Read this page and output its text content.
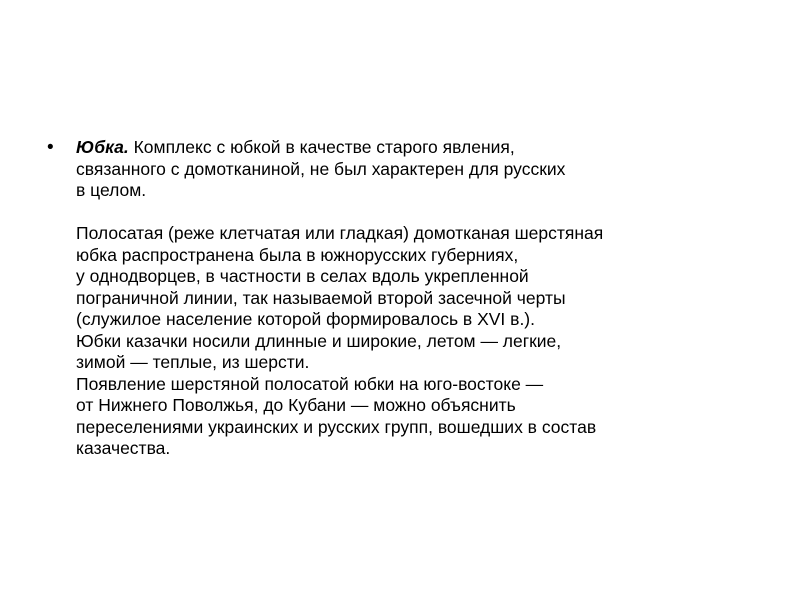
•	Юбка. Комплекс с юбкой в качестве старого явления,
связанного с домотканиной, не был характерен для русских
в целом.
Полосатая (реже клетчатая или гладкая) домотканая шерстяная
юбка распространена была в южнорусских губерниях,
у однодворцев, в частности в селах вдоль укрепленной
пограничной линии, так называемой второй засечной черты
(служилое население которой формировалось в XVI в.).
Юбки казачки носили длинные и широкие, летом — легкие,
зимой — теплые, из шерсти.
Появление шерстяной полосатой юбки на юго-востоке —
от Нижнего Поволжья, до Кубани — можно объяснить
переселениями украинских и русских групп, вошедших в состав
казачества.
